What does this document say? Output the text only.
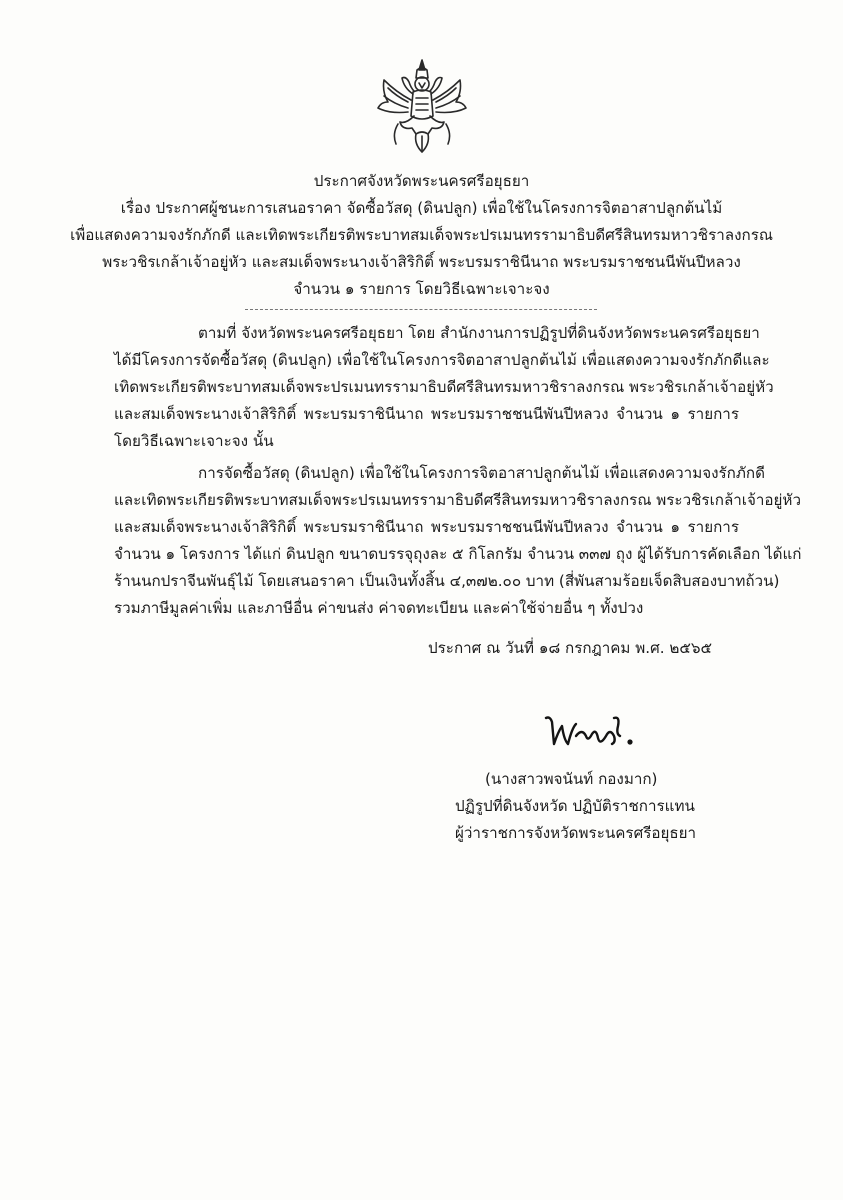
ประกาศจังหวัดพระนครศรีอยุธยา
เรื่อง ประกาศผู้ชนะการเสนอราคา จัดซื้อวัสดุ (ดินปลูก) เพื่อใช้ในโครงการจิตอาสาปลูกต้นไม้
เพื่อแสดงความจงรักภักดี และเทิดพระเกียรติพระบาทสมเด็จพระปรเมนทรรามาธิบดีศรีสินทรมหาวชิราลงกรณ
พระวชิรเกล้าเจ้าอยู่หัว และสมเด็จพระนางเจ้าสิริกิติ์ พระบรมราชินีนาถ พระบรมราชชนนีพันปีหลวง
จำนวน ๑ รายการ โดยวิธีเฉพาะเจาะจง
ตามที่ จังหวัดพระนครศรีอยุธยา โดย สำนักงานการปฏิรูปที่ดินจังหวัดพระนครศรีอยุธยา
ได้มีโครงการจัดซื้อวัสดุ (ดินปลูก) เพื่อใช้ในโครงการจิตอาสาปลูกต้นไม้ เพื่อแสดงความจงรักภักดีและ
เทิดพระเกียรติพระบาทสมเด็จพระปรเมนทรรามาธิบดีศรีสินทรมหาวชิราลงกรณ พระวชิรเกล้าเจ้าอยู่หัว
และสมเด็จพระนางเจ้าสิริกิติ์ พระบรมราชินีนาถ พระบรมราชชนนีพันปีหลวง จำนวน ๑ รายการ
โดยวิธีเฉพาะเจาะจง นั้น
การจัดซื้อวัสดุ (ดินปลูก) เพื่อใช้ในโครงการจิตอาสาปลูกต้นไม้ เพื่อแสดงความจงรักภักดี
และเทิดพระเกียรติพระบาทสมเด็จพระปรเมนทรรามาธิบดีศรีสินทรมหาวชิราลงกรณ พระวชิรเกล้าเจ้าอยู่หัว
และสมเด็จพระนางเจ้าสิริกิติ์ พระบรมราชินีนาถ พระบรมราชชนนีพันปีหลวง จำนวน ๑ รายการ
จำนวน ๑ โครงการ ได้แก่ ดินปลูก ขนาดบรรจุถุงละ ๕ กิโลกรัม จำนวน ๓๓๗ ถุง ผู้ได้รับการคัดเลือก ได้แก่
ร้านนกปราจีนพันธุ์ไม้ โดยเสนอราคา เป็นเงินทั้งสิ้น ๔,๓๗๒.๐๐ บาท (สี่พันสามร้อยเจ็ดสิบสองบาทถ้วน)
รวมภาษีมูลค่าเพิ่ม และภาษีอื่น ค่าขนส่ง ค่าจดทะเบียน และค่าใช้จ่ายอื่น ๆ ทั้งปวง
ประกาศ ณ วันที่ ๑๘ กรกฎาคม พ.ศ. ๒๕๖๕
(นางสาวพจนันท์ กองมาก)
ปฏิรูปที่ดินจังหวัด ปฏิบัติราชการแทน
ผู้ว่าราชการจังหวัดพระนครศรีอยุธยา
